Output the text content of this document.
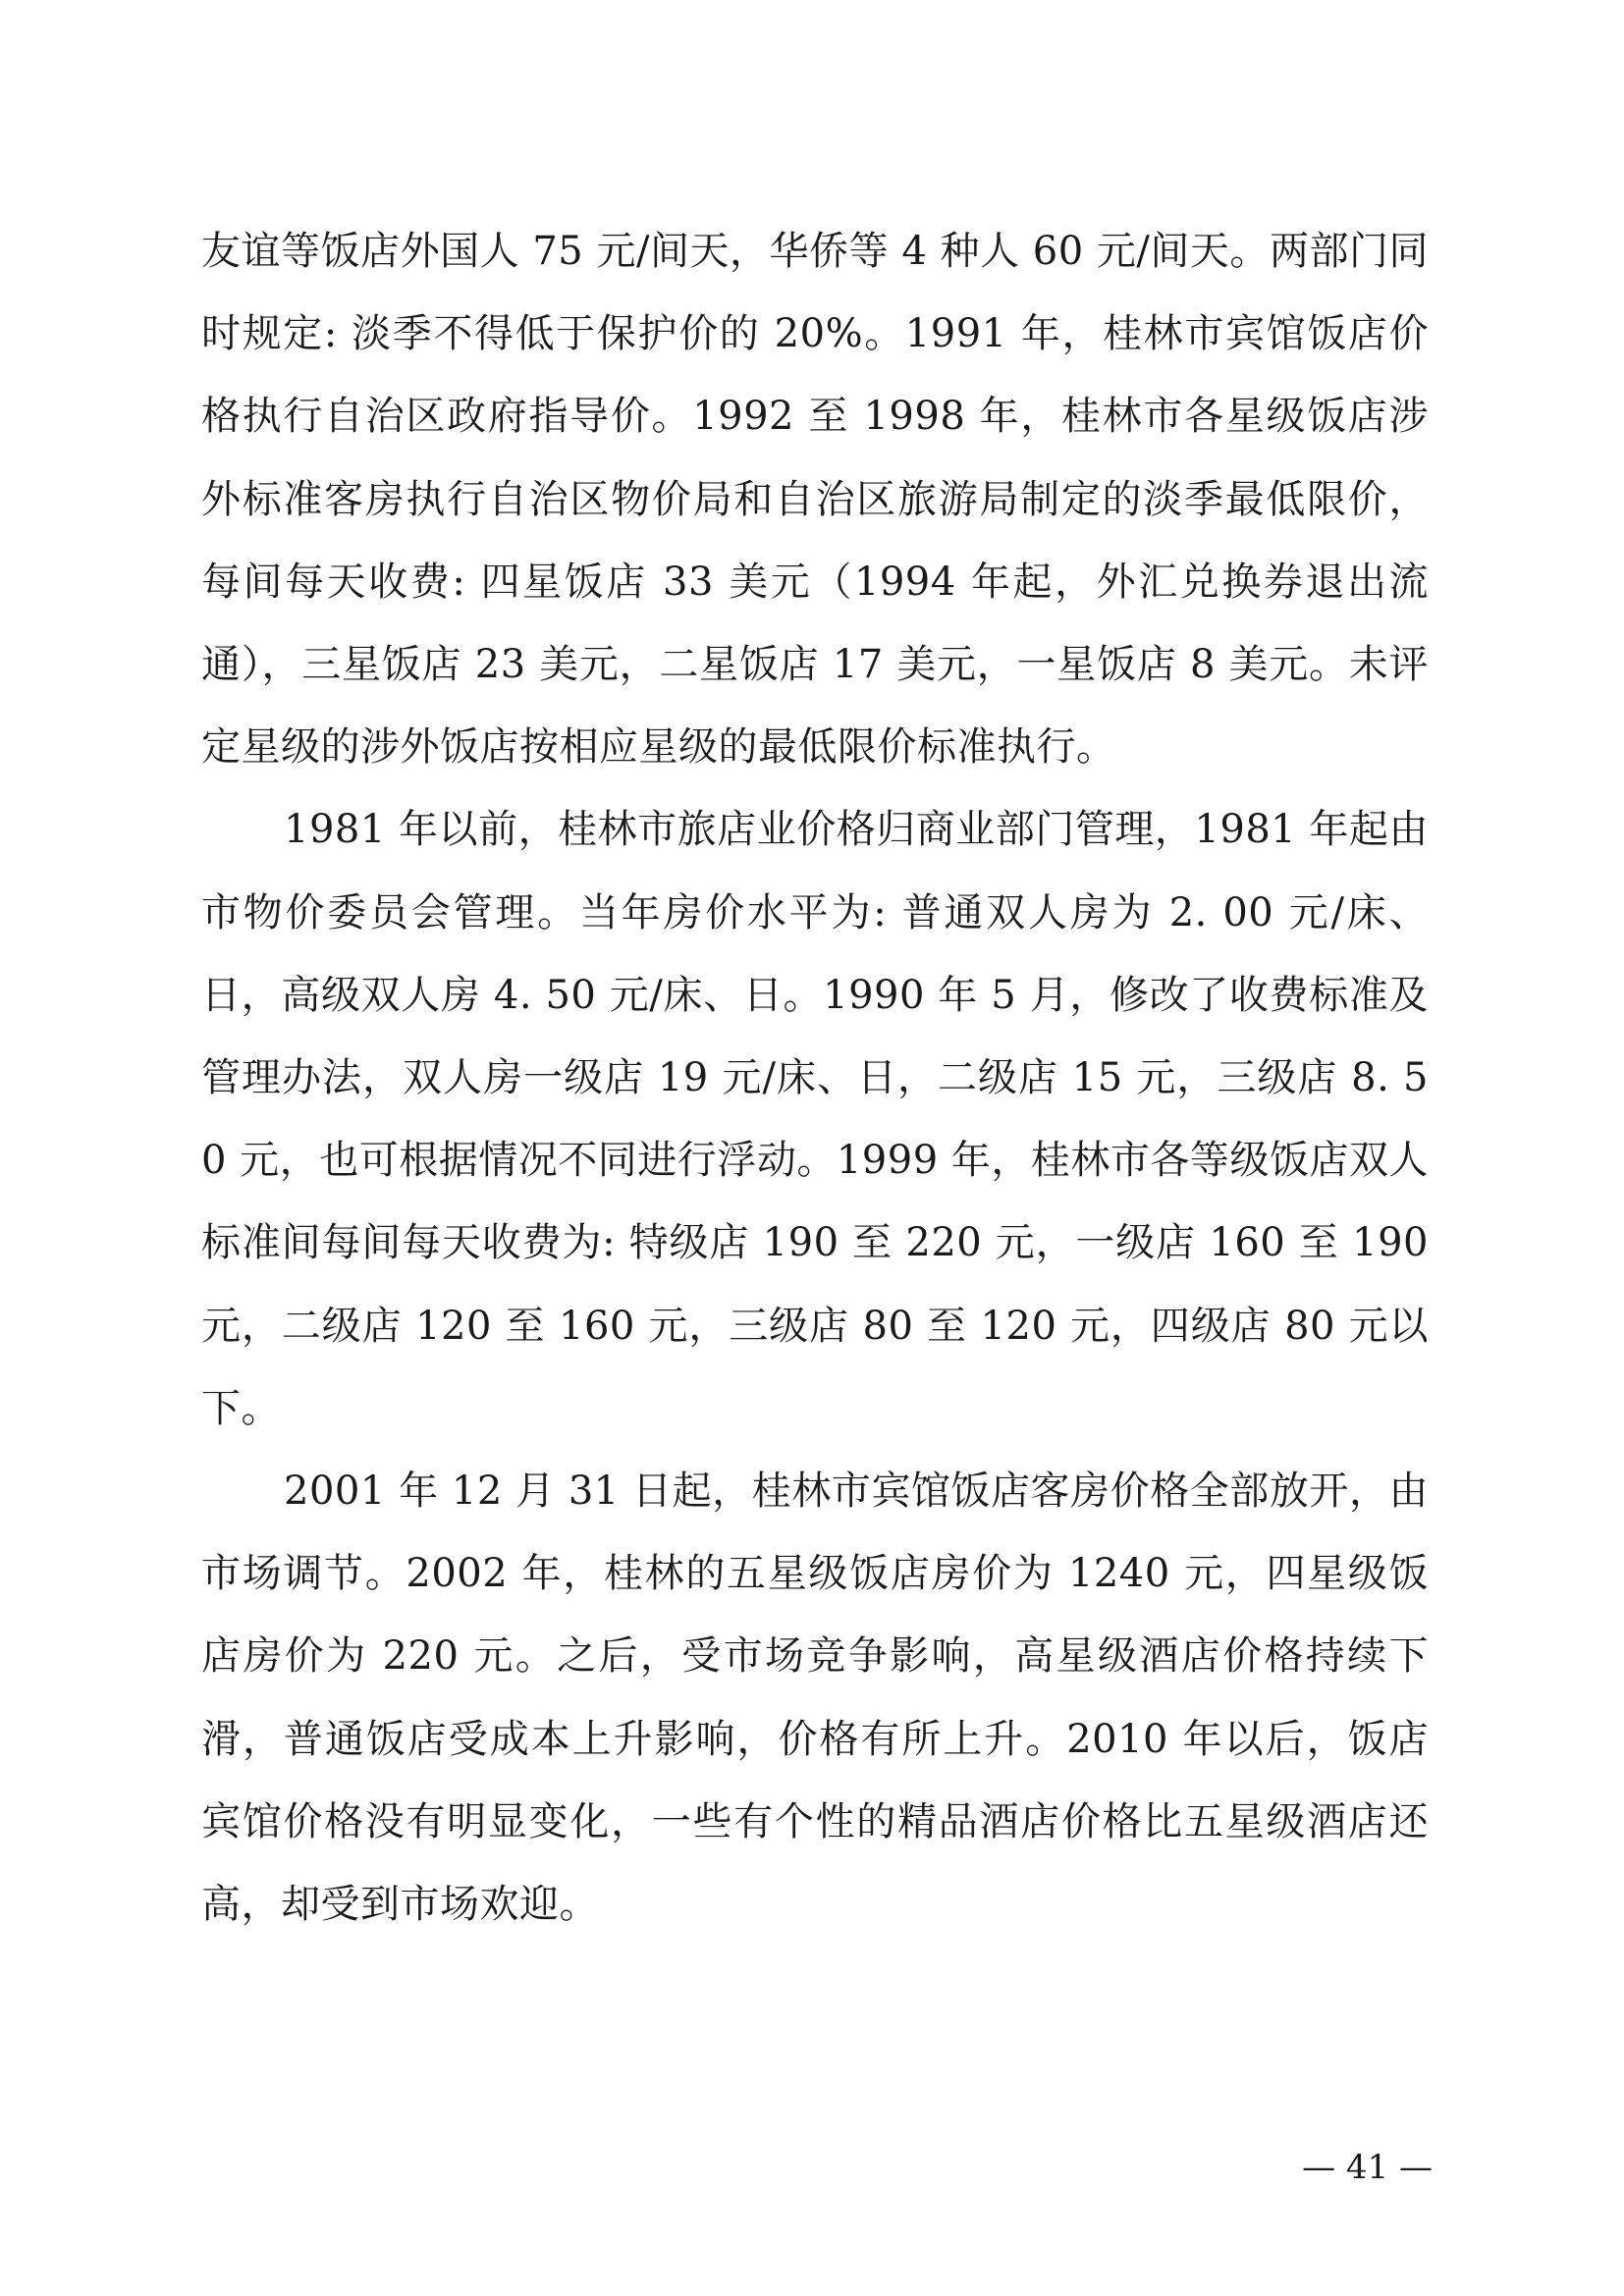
友谊等饭店外国人 75 元/间天，华侨等 4 种人 60 元/间天。两部门同时规定: 淡季不得低于保护价的 20%。1991 年，桂林市宾馆饭店价格执行自治区政府指导价。1992 至 1998 年，桂林市各星级饭店涉外标准客房执行自治区物价局和自治区旅游局制定的淡季最低限价，每间每天收费: 四星饭店 33 美元（1994 年起，外汇兑换券退出流通），三星饭店 23 美元，二星饭店 17 美元，一星饭店 8 美元。未评定星级的涉外饭店按相应星级的最低限价标准执行。

1981 年以前，桂林市旅店业价格归商业部门管理，1981 年起由市物价委员会管理。当年房价水平为: 普通双人房为 2. 00 元/床、日，高级双人房 4. 50 元/床、日。1990 年 5 月，修改了收费标准及管理办法，双人房一级店 19 元/床、日，二级店 15 元，三级店 8. 50 元，也可根据情况不同进行浮动。1999 年，桂林市各等级饭店双人标准间每间每天收费为: 特级店 190 至 220 元，一级店 160 至 190 元，二级店 120 至 160 元，三级店 80 至 120 元，四级店 80 元以下。

2001 年 12 月 31 日起，桂林市宾馆饭店客房价格全部放开，由市场调节。2002 年，桂林的五星级饭店房价为 1240 元，四星级饭店房价为 220 元。之后，受市场竞争影响，高星级酒店价格持续下滑，普通饭店受成本上升影响，价格有所上升。2010 年以后，饭店宾馆价格没有明显变化，一些有个性的精品酒店价格比五星级酒店还高，却受到市场欢迎。

— 41 —
